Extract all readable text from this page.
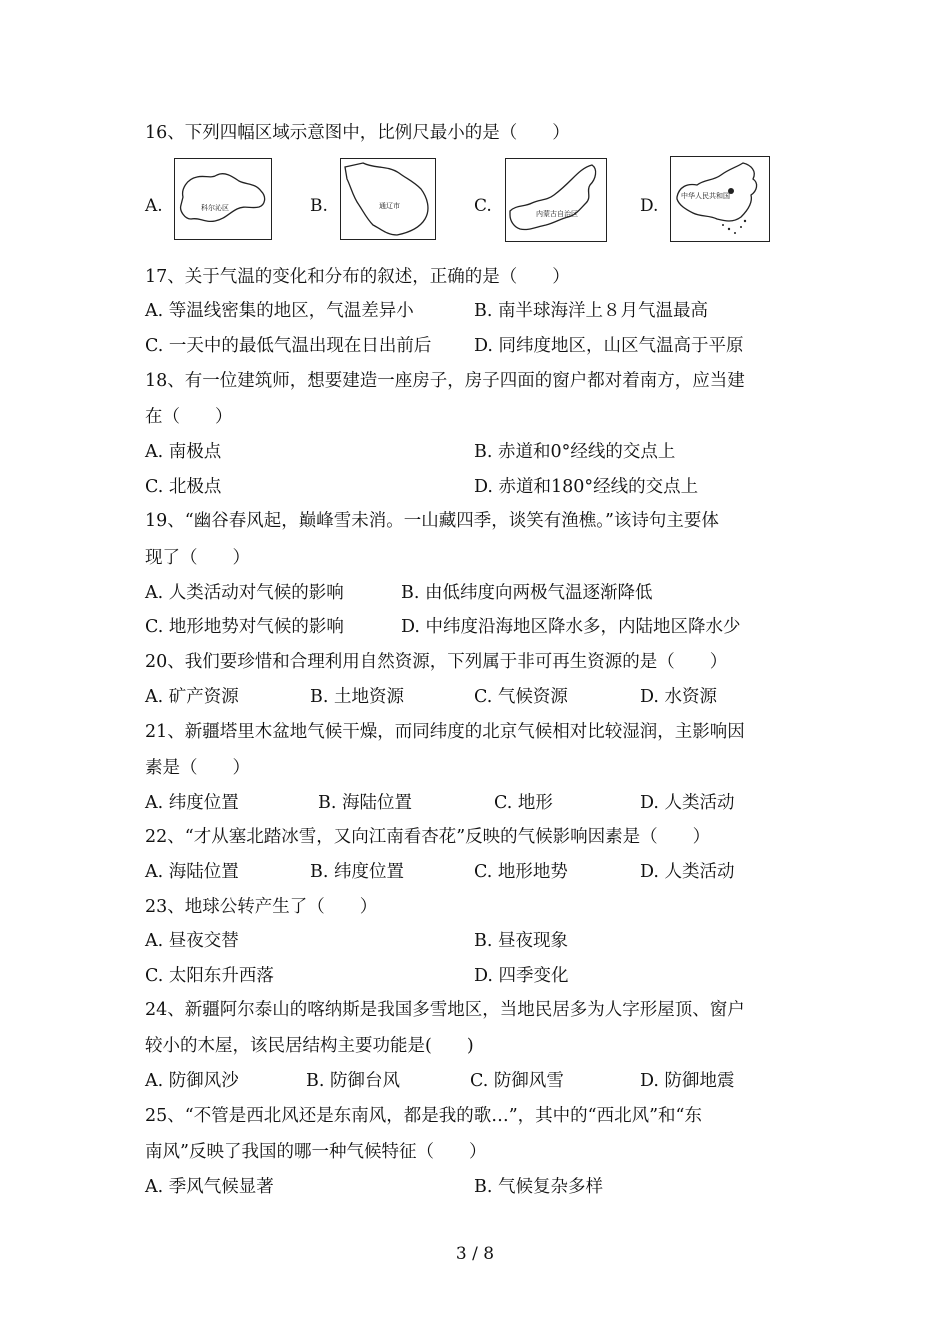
16、下列四幅区域示意图中，比例尺最小的是（　　）
A.	科尔沁区	B.	通辽市	C.	内蒙古自治区	D.	中华人民共和国
17、关于气温的变化和分布的叙述，正确的是（　　）
A. 等温线密集的地区，气温差异小	B. 南半球海洋上８月气温最高
C. 一天中的最低气温出现在日出前后 D. 同纬度地区，山区气温高于平原
18、有一位建筑师，想要建造一座房子，房子四面的窗户都对着南方，应当建
在（　　）
A. 南极点	B. 赤道和0°经线的交点上
C. 北极点	D. 赤道和180°经线的交点上
19、“幽谷春风起，巅峰雪未消。一山藏四季，谈笑有渔樵。”该诗句主要体
现了（　　）
A. 人类活动对气候的影响	B. 由低纬度向两极气温逐渐降低
C. 地形地势对气候的影响	D. 中纬度沿海地区降水多，内陆地区降水少
20、我们要珍惜和合理利用自然资源，下列属于非可再生资源的是（　　）
A. 矿产资源	B. 土地资源	C. 气候资源	D. 水资源
21、新疆塔里木盆地气候干燥，而同纬度的北京气候相对比较湿润，主影响因
素是（　　）
A. 纬度位置	B. 海陆位置	C. 地形	D. 人类活动
22、“才从塞北踏冰雪，又向江南看杏花”反映的气候影响因素是（　　）
A. 海陆位置	B. 纬度位置	C. 地形地势	D. 人类活动
23、地球公转产生了（　　）
A. 昼夜交替	B. 昼夜现象
C. 太阳东升西落	D. 四季变化
24、新疆阿尔泰山的喀纳斯是我国多雪地区，当地民居多为人字形屋顶、窗户
较小的木屋，该民居结构主要功能是(　　)
A. 防御风沙	B. 防御台风	C. 防御风雪	D. 防御地震
25、“不管是西北风还是东南风，都是我的歌…”，其中的“西北风”和“东
南风”反映了我国的哪一种气候特征（　　）
A. 季风气候显著	B. 气候复杂多样
3 / 8
